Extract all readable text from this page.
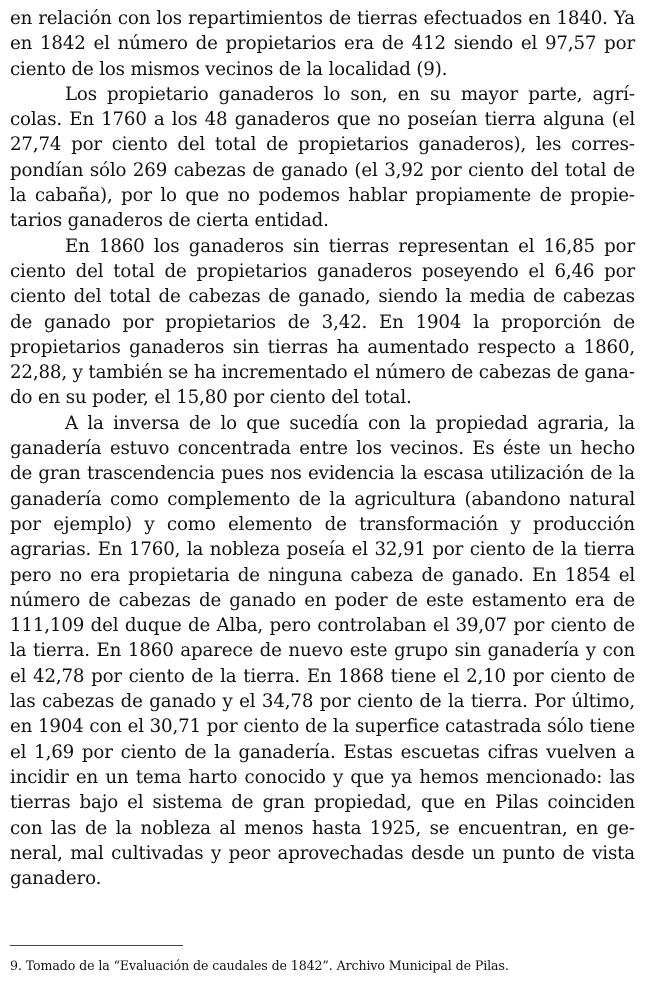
en relación con los repartimientos de tierras efectuados en 1840. Ya en 1842 el número de propietarios era de 412 siendo el 97,57 por ciento de los mismos vecinos de la localidad (9).

Los propietario ganaderos lo son, en su mayor parte, agrícolas. En 1760 a los 48 ganaderos que no poseían tierra alguna (el 27,74 por ciento del total de propietarios ganaderos), les correspondían sólo 269 cabezas de ganado (el 3,92 por ciento del total de la cabaña), por lo que no podemos hablar propiamente de propietarios ganaderos de cierta entidad.

En 1860 los ganaderos sin tierras representan el 16,85 por ciento del total de propietarios ganaderos poseyendo el 6,46 por ciento del total de cabezas de ganado, siendo la media de cabezas de ganado por propietarios de 3,42. En 1904 la proporción de propietarios ganaderos sin tierras ha aumentado respecto a 1860, 22,88, y también se ha incrementado el número de cabezas de ganado en su poder, el 15,80 por ciento del total.

A la inversa de lo que sucedía con la propiedad agraria, la ganadería estuvo concentrada entre los vecinos. Es éste un hecho de gran trascendencia pues nos evidencia la escasa utilización de la ganadería como complemento de la agricultura (abandono natural por ejemplo) y como elemento de transformación y producción agrarias. En 1760, la nobleza poseía el 32,91 por ciento de la tierra pero no era propietaria de ninguna cabeza de ganado. En 1854 el número de cabezas de ganado en poder de este estamento era de 111,109 del duque de Alba, pero controlaban el 39,07 por ciento de la tierra. En 1860 aparece de nuevo este grupo sin ganadería y con el 42,78 por ciento de la tierra. En 1868 tiene el 2,10 por ciento de las cabezas de ganado y el 34,78 por ciento de la tierra. Por último, en 1904 con el 30,71 por ciento de la superfice catastrada sólo tiene el 1,69 por ciento de la ganadería. Estas escuetas cifras vuelven a incidir en un tema harto conocido y que ya hemos mencionado: las tierras bajo el sistema de gran propiedad, que en Pilas coinciden con las de la nobleza al menos hasta 1925, se encuentran, en general, mal cultivadas y peor aprovechadas desde un punto de vista ganadero.

9. Tomado de la “Evaluación de caudales de 1842”. Archivo Municipal de Pilas.
